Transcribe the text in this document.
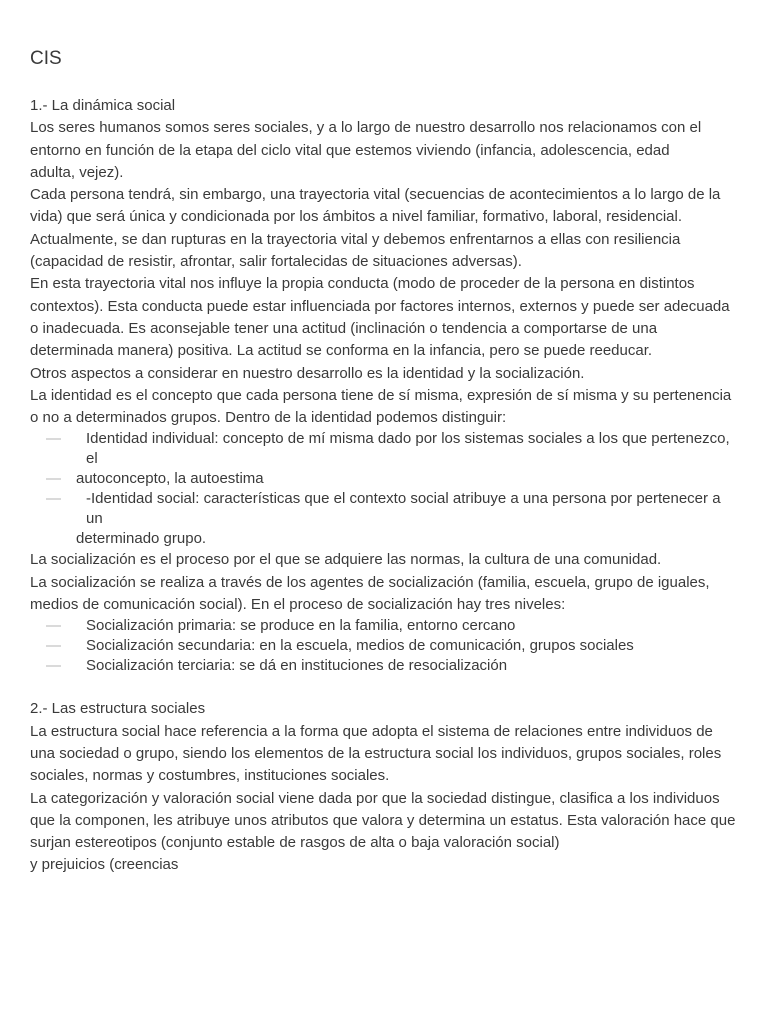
CIS

1.- La dinámica social

Los seres humanos somos seres sociales, y a lo largo de nuestro desarrollo nos relacionamos con el entorno en función de la etapa del ciclo vital que estemos viviendo (infancia, adolescencia, edad

adulta, vejez).

Cada persona tendrá, sin embargo, una trayectoria vital (secuencias de acontecimientos a lo largo de la vida) que será única y condicionada por los ámbitos a nivel familiar, formativo, laboral, residencial.

Actualmente, se dan rupturas en la trayectoria vital y debemos enfrentarnos a ellas con resiliencia (capacidad de resistir, afrontar, salir fortalecidas de situaciones adversas).

En esta trayectoria vital nos influye la propia conducta (modo de proceder de la persona en distintos contextos). Esta conducta puede estar influenciada por factores internos, externos y puede ser adecuada o inadecuada. Es aconsejable tener una actitud (inclinación o tendencia a comportarse de una determinada manera) positiva. La actitud se conforma en la infancia, pero se puede reeducar.

Otros aspectos a considerar en nuestro desarrollo es la identidad y la socialización.

La identidad es el concepto que cada persona tiene de sí misma, expresión de sí misma y su pertenencia o no a determinados grupos. Dentro de la identidad podemos distinguir:

—	Identidad individual: concepto de mí misma dado por los sistemas sociales a los que pertenezco, el
— autoconcepto, la autoestima
—	-Identidad social: características que el contexto social atribuye a una persona por pertenecer a un
determinado grupo.

La socialización es el proceso por el que se adquiere las normas, la cultura de una comunidad.

La socialización se realiza a través de los agentes de socialización (familia, escuela, grupo de iguales, medios de comunicación social). En el proceso de socialización hay tres niveles:

—	Socialización primaria: se produce en la familia, entorno cercano
—	Socialización secundaria: en la escuela, medios de comunicación, grupos sociales
—	Socialización terciaria: se dá en instituciones de resocialización

2.- Las estructura sociales

La estructura social hace referencia a la forma que adopta el sistema de relaciones entre individuos de una sociedad o grupo, siendo los elementos de la estructura social los individuos, grupos sociales, roles sociales, normas y costumbres, instituciones sociales.

La categorización y valoración social viene dada por que la sociedad distingue, clasifica a los individuos que la componen, les atribuye unos atributos que valora y determina un estatus. Esta valoración hace que surjan estereotipos (conjunto estable de rasgos de alta o baja valoración social)

y prejuicios (creencias
